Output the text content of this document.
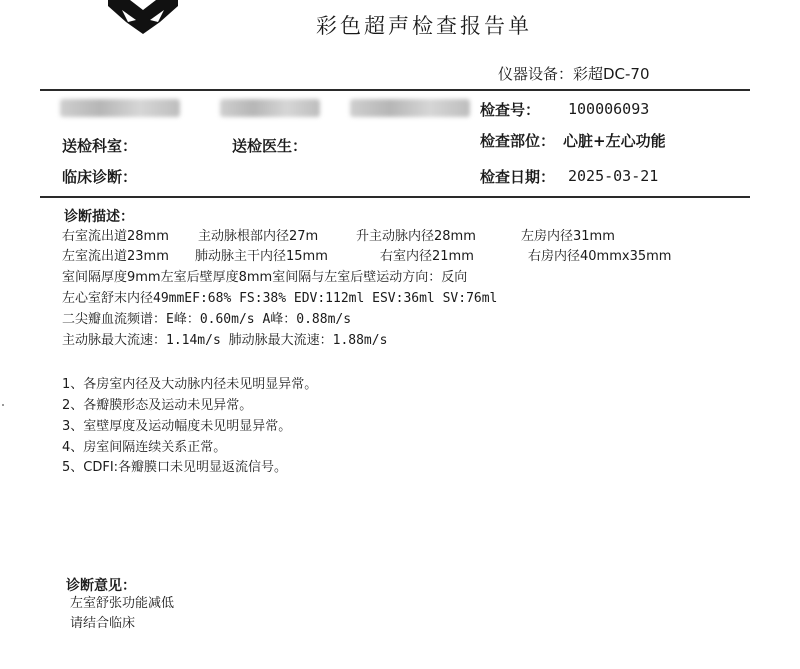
彩色超声检查报告单
仪器设备：彩超DC-70
检查号： 100006093
送检科室：	送检医生：	检查部位： 心脏+左心功能
临床诊断：	检查日期： 2025-03-21
诊断描述：
右室流出道28mm 主动脉根部内径27m	升主动脉内径28mm	左房内径31mm
左室流出道23mm 肺动脉主干内径15mm	右室内径21mm	右房内径40mmx35mm
室间隔厚度9mm左室后壁厚度8mm室间隔与左室后壁运动方向：反向
左心室舒末内径49mmEF:68% FS:38% EDV:112ml ESV:36ml SV:76ml
二尖瓣血流频谱：E峰：0.60m/s A峰：0.88m/s
主动脉最大流速：1.14m/s 肺动脉最大流速：1.88m/s
1、各房室内径及大动脉内径未见明显异常。
2、各瓣膜形态及运动未见异常。
3、室壁厚度及运动幅度未见明显异常。
4、房室间隔连续关系正常。
5、CDFI:各瓣膜口未见明显返流信号。
诊断意见：
左室舒张功能减低
请结合临床
